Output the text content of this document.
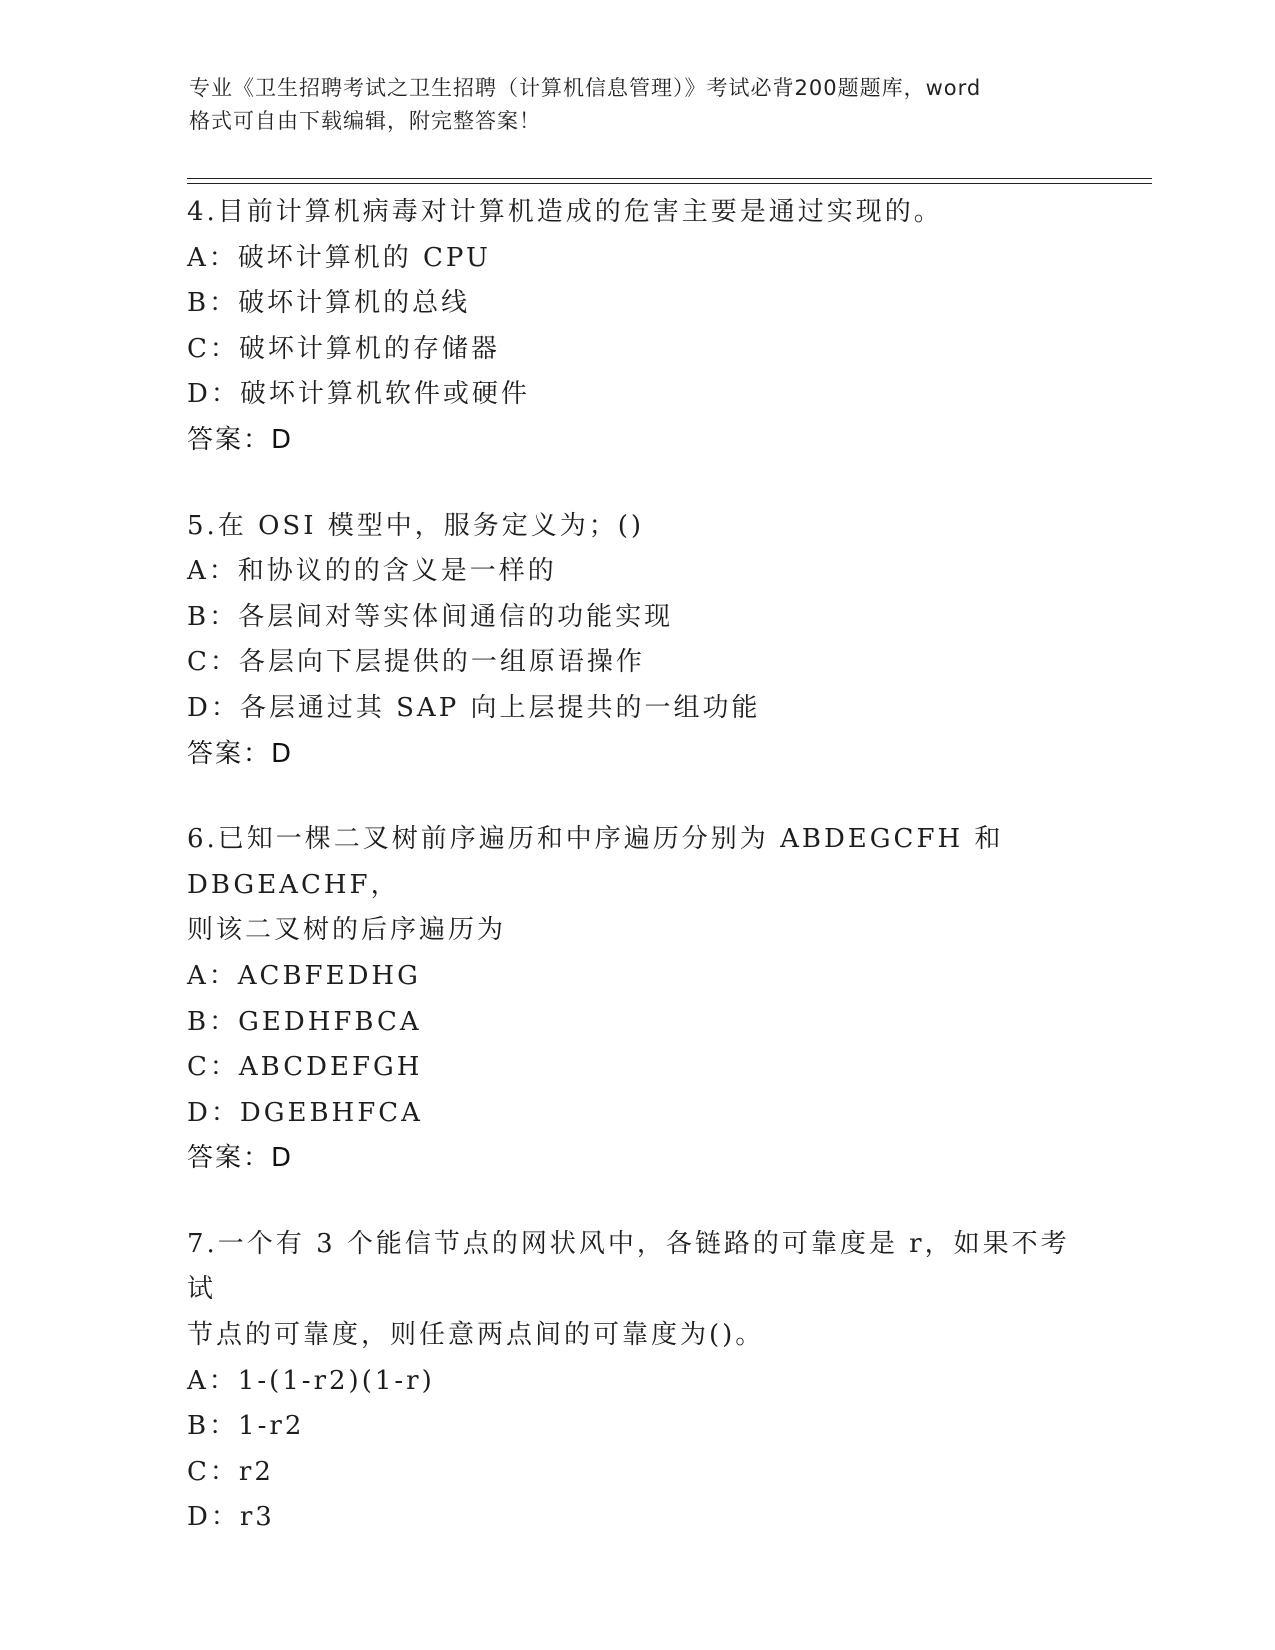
专业《卫生招聘考试之卫生招聘（计算机信息管理）》考试必背200题题库，word
格式可自由下载编辑，附完整答案！

4.目前计算机病毒对计算机造成的危害主要是通过实现的。

A：破坏计算机的 CPU

B：破坏计算机的总线

C：破坏计算机的存储器

D：破坏计算机软件或硬件

答案：D

5.在 OSI 模型中，服务定义为；()

A：和协议的的含义是一样的

B：各层间对等实体间通信的功能实现

C：各层向下层提供的一组原语操作

D：各层通过其 SAP 向上层提共的一组功能

答案：D

6.已知一棵二叉树前序遍历和中序遍历分别为 ABDEGCFH 和 DBGEACHF，

则该二叉树的后序遍历为

A：ACBFEDHG

B：GEDHFBCA

C：ABCDEFGH

D：DGEBHFCA

答案：D

7.一个有 3 个能信节点的网状风中，各链路的可靠度是 r，如果不考试

节点的可靠度，则任意两点间的可靠度为()。

A：1-(1-r2)(1-r)

B：1-r2

C：r2

D：r3
